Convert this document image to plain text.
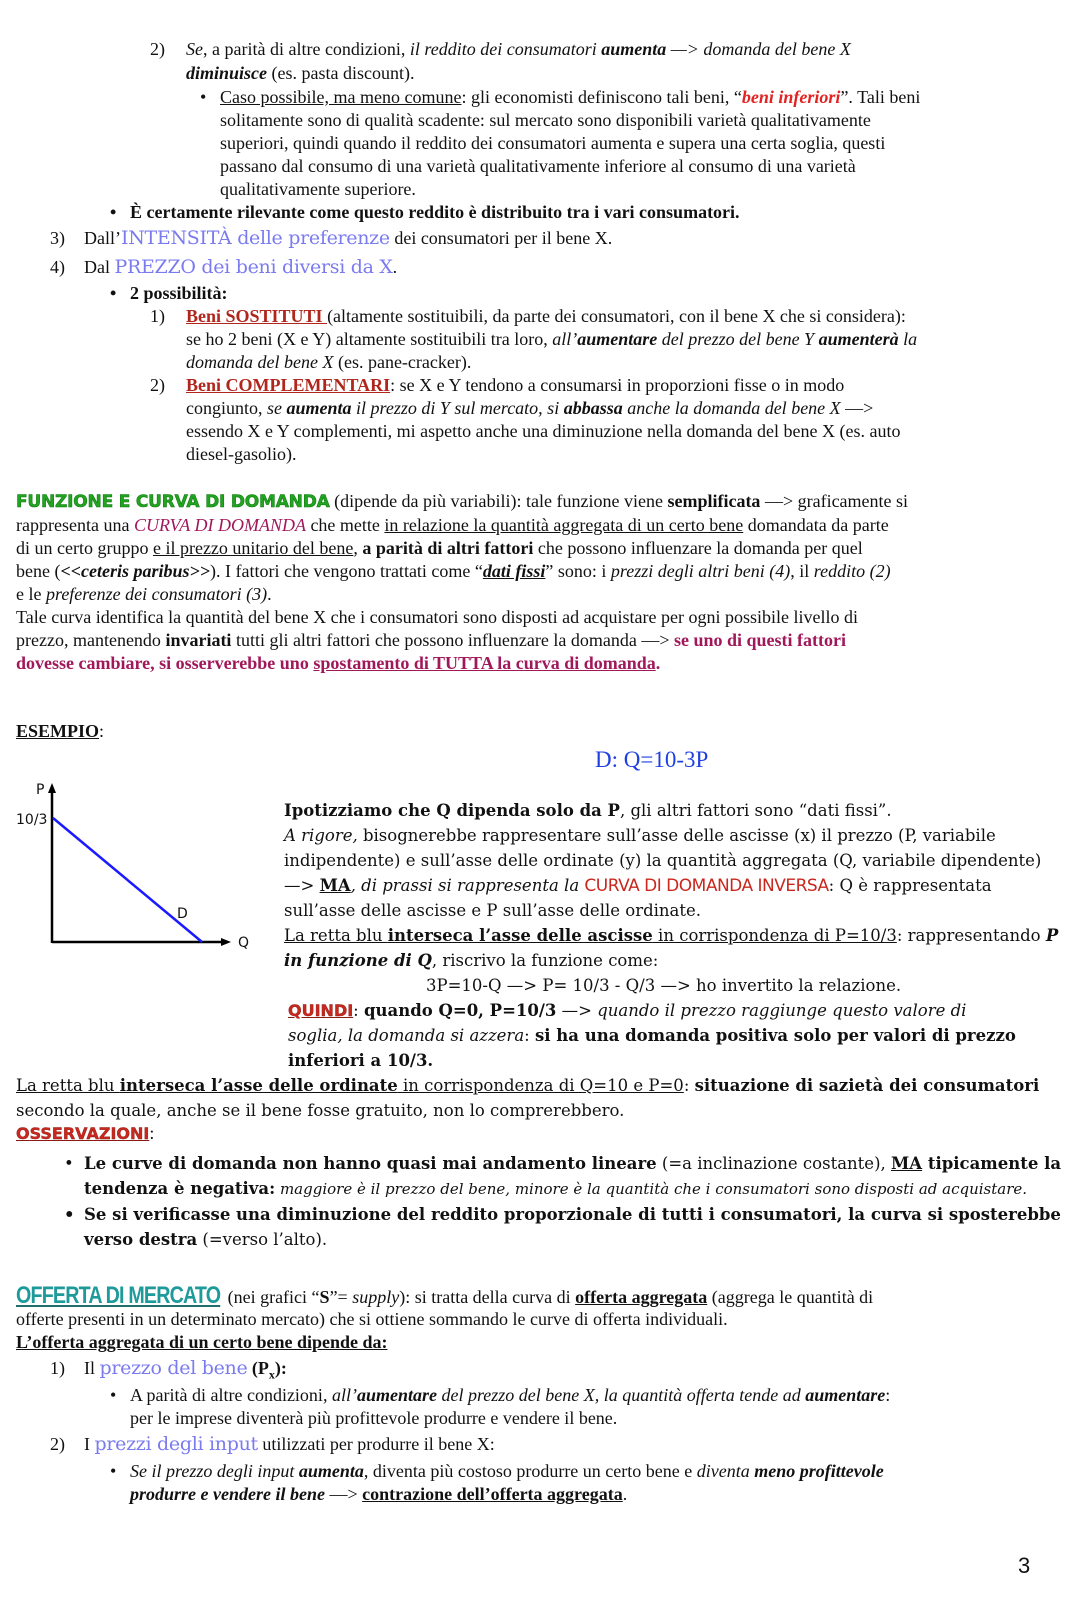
2) Se, a parità di altre condizioni, il reddito dei consumatori aumenta —> domanda del bene X
diminuisce (es. pasta discount).
• Caso possibile, ma meno comune: gli economisti definiscono tali beni, “beni inferiori”. Tali beni
solitamente sono di qualità scadente: sul mercato sono disponibili varietà qualitativamente
superiori, quindi quando il reddito dei consumatori aumenta e supera una certa soglia, questi
passano dal consumo di una varietà qualitativamente inferiore al consumo di una varietà
qualitativamente superiore.
• È certamente rilevante come questo reddito è distribuito tra i vari consumatori.
3) Dall’INTENSITÀ delle preferenze dei consumatori per il bene X.
4) Dal PREZZO dei beni diversi da X.
• 2 possibilità:
1) Beni SOSTITUTI (altamente sostituibili, da parte dei consumatori, con il bene X che si considera):
se ho 2 beni (X e Y) altamente sostituibili tra loro, all’aumentare del prezzo del bene Y aumenterà la
domanda del bene X (es. pane-cracker).
2) Beni COMPLEMENTARI: se X e Y tendono a consumarsi in proporzioni fisse o in modo
congiunto, se aumenta il prezzo di Y sul mercato, si abbassa anche la domanda del bene X —>
essendo X e Y complementi, mi aspetto anche una diminuzione nella domanda del bene X (es. auto
diesel-gasolio).
FUNZIONE E CURVA DI DOMANDA (dipende da più variabili): tale funzione viene semplificata —> graficamente si
rappresenta una CURVA DI DOMANDA che mette in relazione la quantità aggregata di un certo bene domandata da parte
di un certo gruppo e il prezzo unitario del bene, a parità di altri fattori che possono influenzare la domanda per quel
bene (<<ceteris paribus>>). I fattori che vengono trattati come “dati fissi” sono: i prezzi degli altri beni (4), il reddito (2)
e le preferenze dei consumatori (3).
Tale curva identifica la quantità del bene X che i consumatori sono disposti ad acquistare per ogni possibile livello di
prezzo, mantenendo invariati tutti gli altri fattori che possono influenzare la domanda —> se uno di questi fattori
dovesse cambiare, si osserverebbe uno spostamento di TUTTA la curva di domanda.
ESEMPIO:
D: Q=10-3P
P
10/3
D
Q
Ipotizziamo che Q dipenda solo da P, gli altri fattori sono “dati fissi”.
A rigore, bisognerebbe rappresentare sull’asse delle ascisse (x) il prezzo (P, variabile
indipendente) e sull’asse delle ordinate (y) la quantità aggregata (Q, variabile dipendente)
—> MA, di prassi si rappresenta la CURVA DI DOMANDA INVERSA: Q è rappresentata
sull’asse delle ascisse e P sull’asse delle ordinate.
La retta blu interseca l’asse delle ascisse in corrispondenza di P=10/3: rappresentando P
in funzione di Q, riscrivo la funzione come:
3P=10-Q —> P= 10/3 - Q/3 —> ho invertito la relazione.
QUINDI: quando Q=0, P=10/3 —> quando il prezzo raggiunge questo valore di
soglia, la domanda si azzera: si ha una domanda positiva solo per valori di prezzo
inferiori a 10/3.
La retta blu interseca l’asse delle ordinate in corrispondenza di Q=10 e P=0: situazione di sazietà dei consumatori
secondo la quale, anche se il bene fosse gratuito, non lo comprerebbero.
OSSERVAZIONI:
• Le curve di domanda non hanno quasi mai andamento lineare (=a inclinazione costante), MA tipicamente la
tendenza è negativa: maggiore è il prezzo del bene, minore è la quantità che i consumatori sono disposti ad acquistare.
• Se si verificasse una diminuzione del reddito proporzionale di tutti i consumatori, la curva si sposterebbe
verso destra (=verso l’alto).
OFFERTA DI MERCATO (nei grafici “S”= supply): si tratta della curva di offerta aggregata (aggrega le quantità di
offerte presenti in un determinato mercato) che si ottiene sommando le curve di offerta individuali.
L’offerta aggregata di un certo bene dipende da:
1) Il prezzo del bene $(P_x)$:
• A parità di altre condizioni, all’aumentare del prezzo del bene X, la quantità offerta tende ad aumentare:
per le imprese diventerà più profittevole produrre e vendere il bene.
2) I prezzi degli input utilizzati per produrre il bene X:
• Se il prezzo degli input aumenta, diventa più costoso produrre un certo bene e diventa meno profittevole
produrre e vendere il bene —> contrazione dell’offerta aggregata.
3
